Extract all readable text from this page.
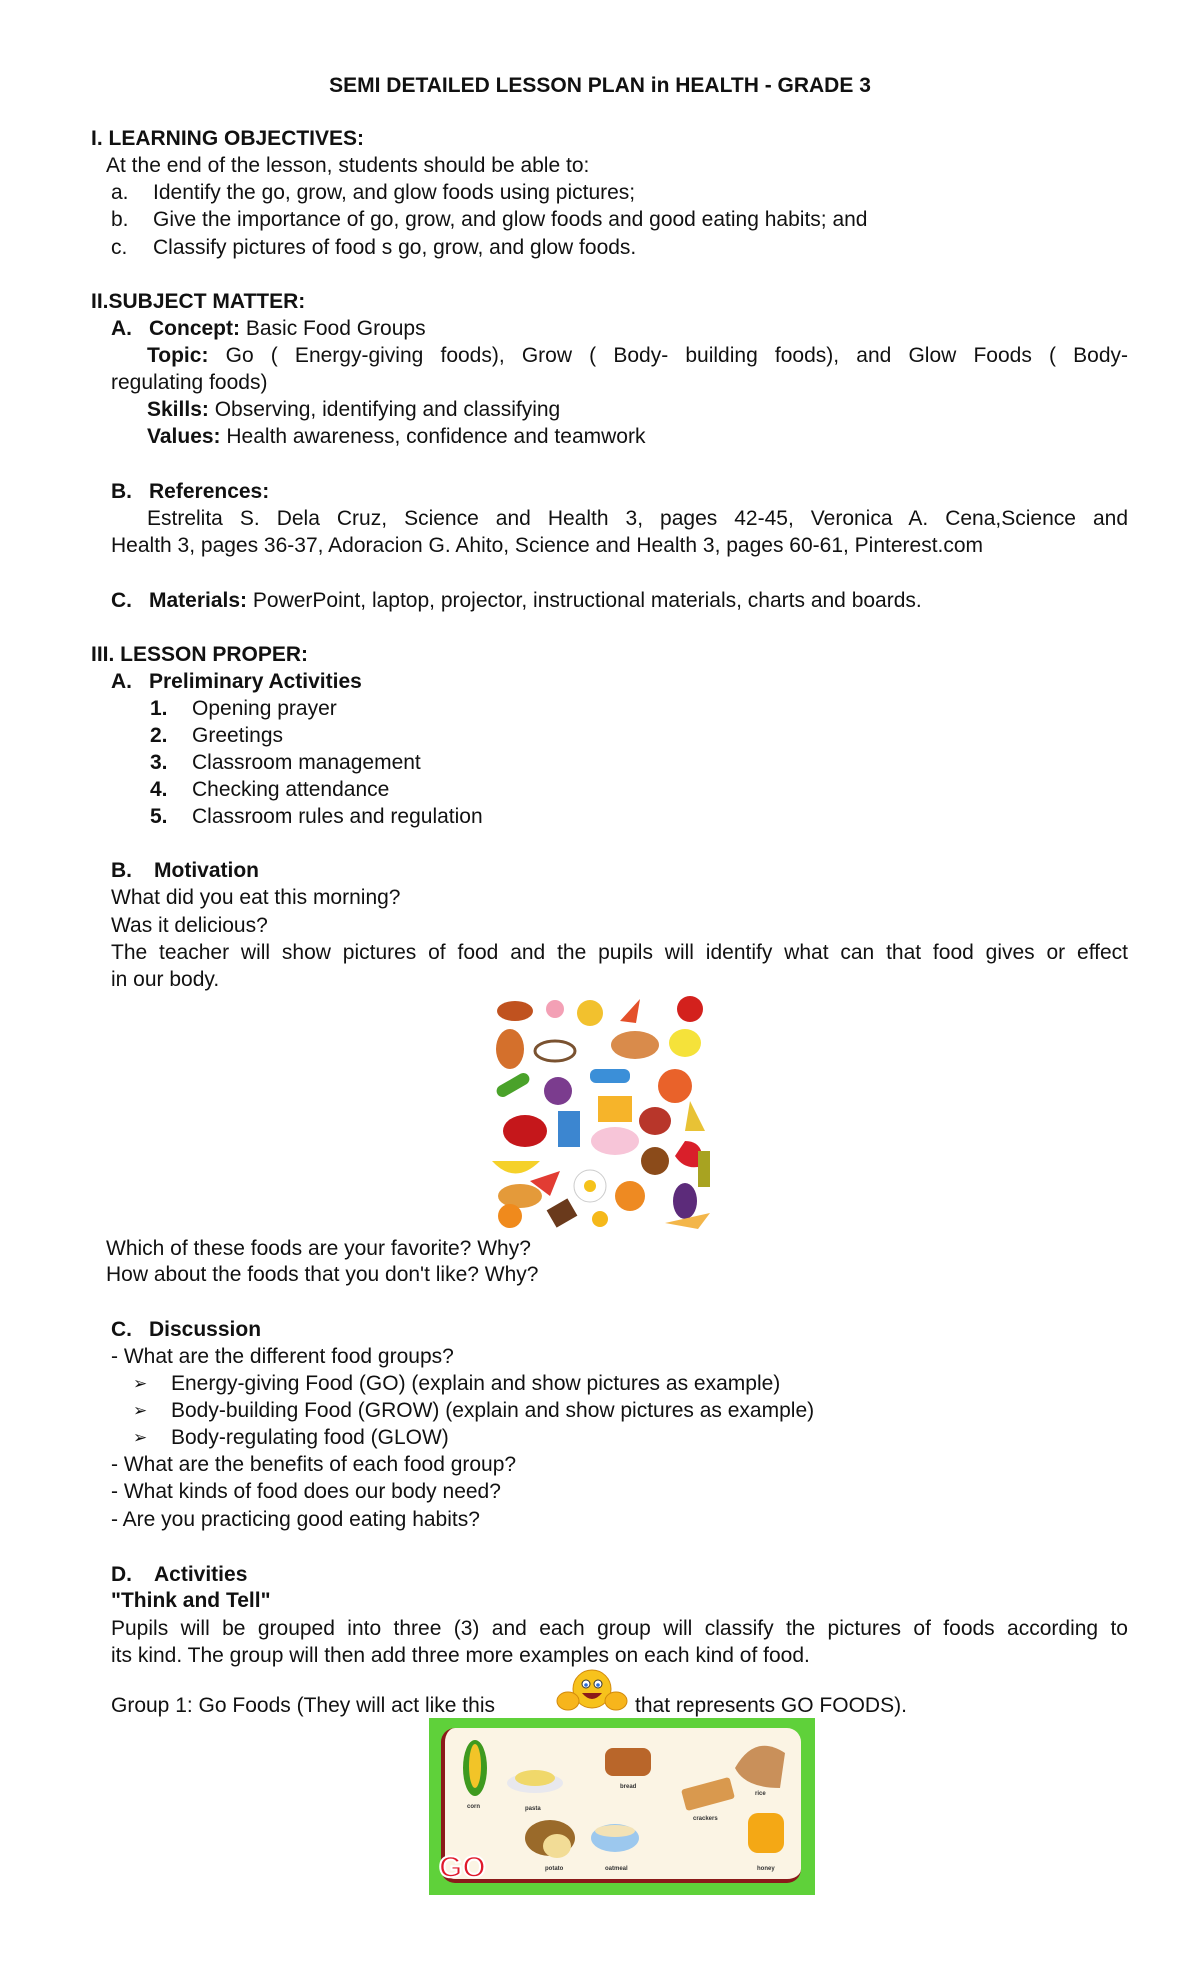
SEMI DETAILED LESSON PLAN in HEALTH - GRADE 3
I. LEARNING OBJECTIVES:
At the end of the lesson, students should be able to:
a. Identify the go, grow, and glow foods using pictures;
b. Give the importance of go, grow, and glow foods and good eating habits; and
c. Classify pictures of food s go, grow, and glow foods.
II.SUBJECT MATTER:
A. Concept: Basic Food Groups
Topic: Go ( Energy-giving foods), Grow ( Body- building foods), and Glow Foods ( Body-
regulating foods)
Skills: Observing, identifying and classifying
Values: Health awareness, confidence and teamwork
B. References:
Estrelita S. Dela Cruz, Science and Health 3, pages 42-45, Veronica A. Cena,Science and
Health 3, pages 36-37, Adoracion G. Ahito, Science and Health 3, pages 60-61, Pinterest.com
C. Materials: PowerPoint, laptop, projector, instructional materials, charts and boards.
III. LESSON PROPER:
A. Preliminary Activities
1. Opening prayer
2. Greetings
3. Classroom management
4. Checking attendance
5. Classroom rules and regulation
B. Motivation
What did you eat this morning?
Was it delicious?
The teacher will show pictures of food and the pupils will identify what can that food gives or effect
in our body.
Which of these foods are your favorite? Why?
How about the foods that you don't like? Why?
C. Discussion
- What are the different food groups?
➢ Energy-giving Food (GO) (explain and show pictures as example)
➢ Body-building Food (GROW) (explain and show pictures as example)
➢ Body-regulating food (GLOW)
- What are the benefits of each food group?
- What kinds of food does our body need?
- Are you practicing good eating habits?
D. Activities
"Think and Tell"
Pupils will be grouped into three (3) and each group will classify the pictures of foods according to
its kind. The group will then add three more examples on each kind of food.
Group 1: Go Foods (They will act like this	that represents GO FOODS).
GO
corn	pasta
bread
rice
crackers
potato	oatmeal	honey
